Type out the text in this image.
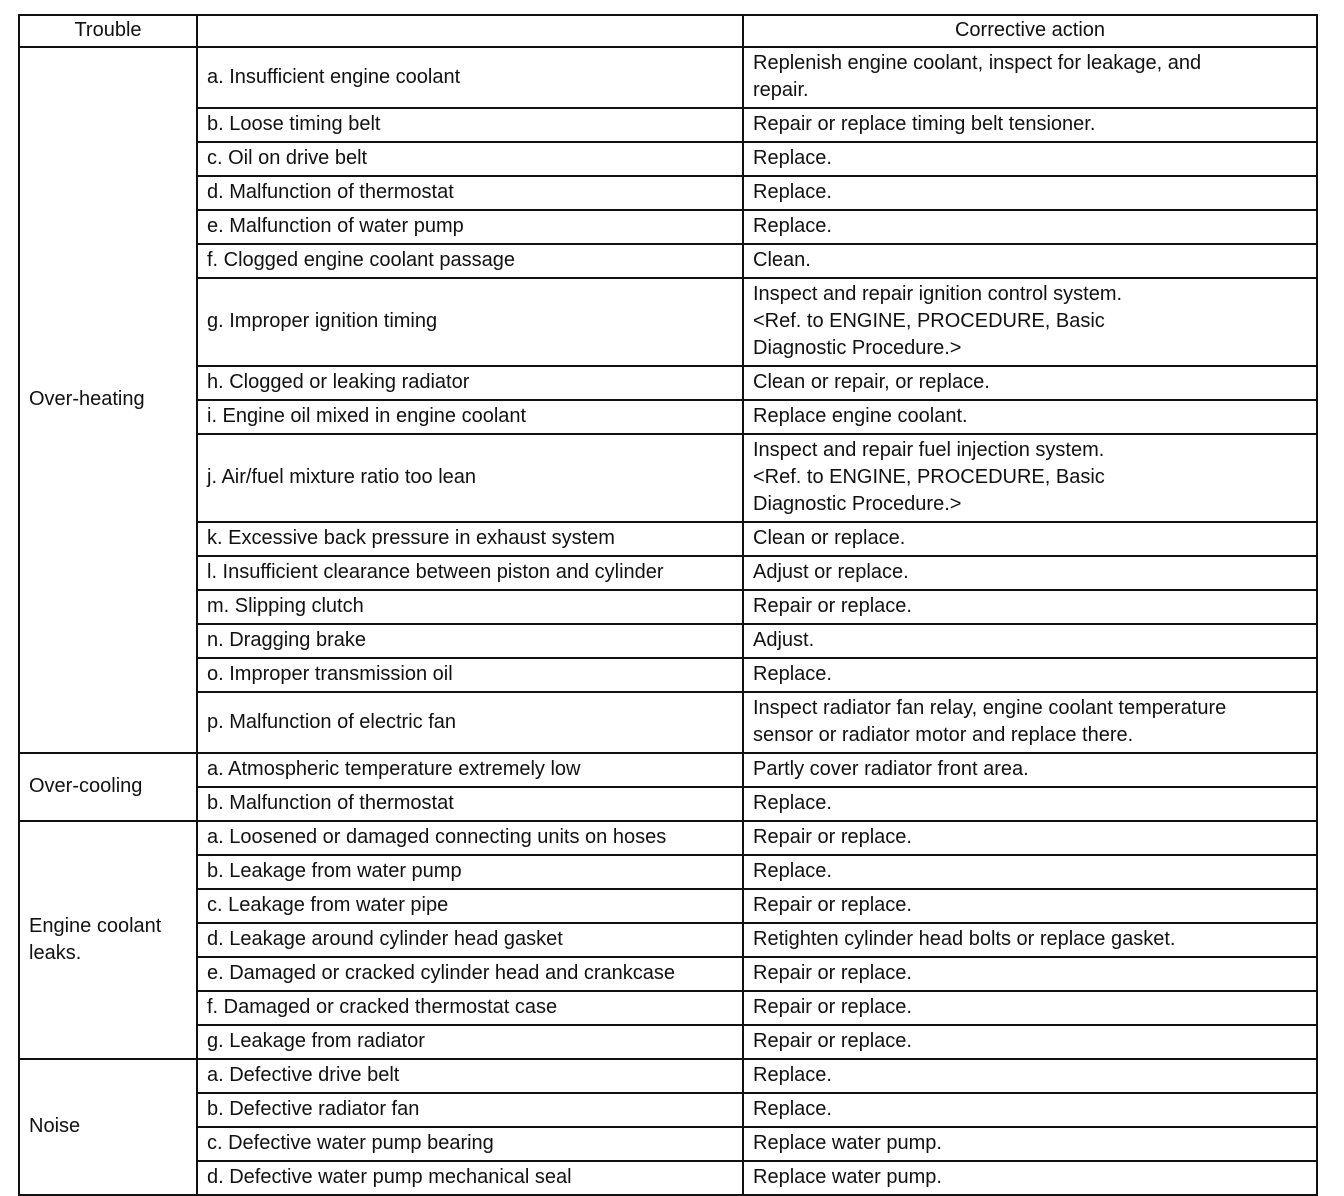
Trouble		Corrective action

Over-heating	a. Insufficient engine coolant	Replenish engine coolant, inspect for leakage, and
repair.

	b. Loose timing belt	Repair or replace timing belt tensioner.

	c. Oil on drive belt	Replace.

	d. Malfunction of thermostat	Replace.

	e. Malfunction of water pump	Replace.

	f. Clogged engine coolant passage	Clean.

	g. Improper ignition timing	Inspect and repair ignition control system.
<Ref. to ENGINE, PROCEDURE, Basic
Diagnostic Procedure.>

	h. Clogged or leaking radiator	Clean or repair, or replace.

	i. Engine oil mixed in engine coolant	Replace engine coolant.

	j. Air/fuel mixture ratio too lean	Inspect and repair fuel injection system.
<Ref. to ENGINE, PROCEDURE, Basic
Diagnostic Procedure.>

	k. Excessive back pressure in exhaust system	Clean or replace.

	l. Insufficient clearance between piston and cylinder	Adjust or replace.

	m. Slipping clutch	Repair or replace.

	n. Dragging brake	Adjust.

	o. Improper transmission oil	Replace.

	p. Malfunction of electric fan	Inspect radiator fan relay, engine coolant temperature
sensor or radiator motor and replace there.

Over-cooling	a. Atmospheric temperature extremely low	Partly cover radiator front area.

	b. Malfunction of thermostat	Replace.

Engine coolant
leaks.	a. Loosened or damaged connecting units on hoses	Repair or replace.

	b. Leakage from water pump	Replace.

	c. Leakage from water pipe	Repair or replace.

	d. Leakage around cylinder head gasket	Retighten cylinder head bolts or replace gasket.

	e. Damaged or cracked cylinder head and crankcase	Repair or replace.

	f. Damaged or cracked thermostat case	Repair or replace.

	g. Leakage from radiator	Repair or replace.

Noise	a. Defective drive belt	Replace.

	b. Defective radiator fan	Replace.

	c. Defective water pump bearing	Replace water pump.

	d. Defective water pump mechanical seal	Replace water pump.
